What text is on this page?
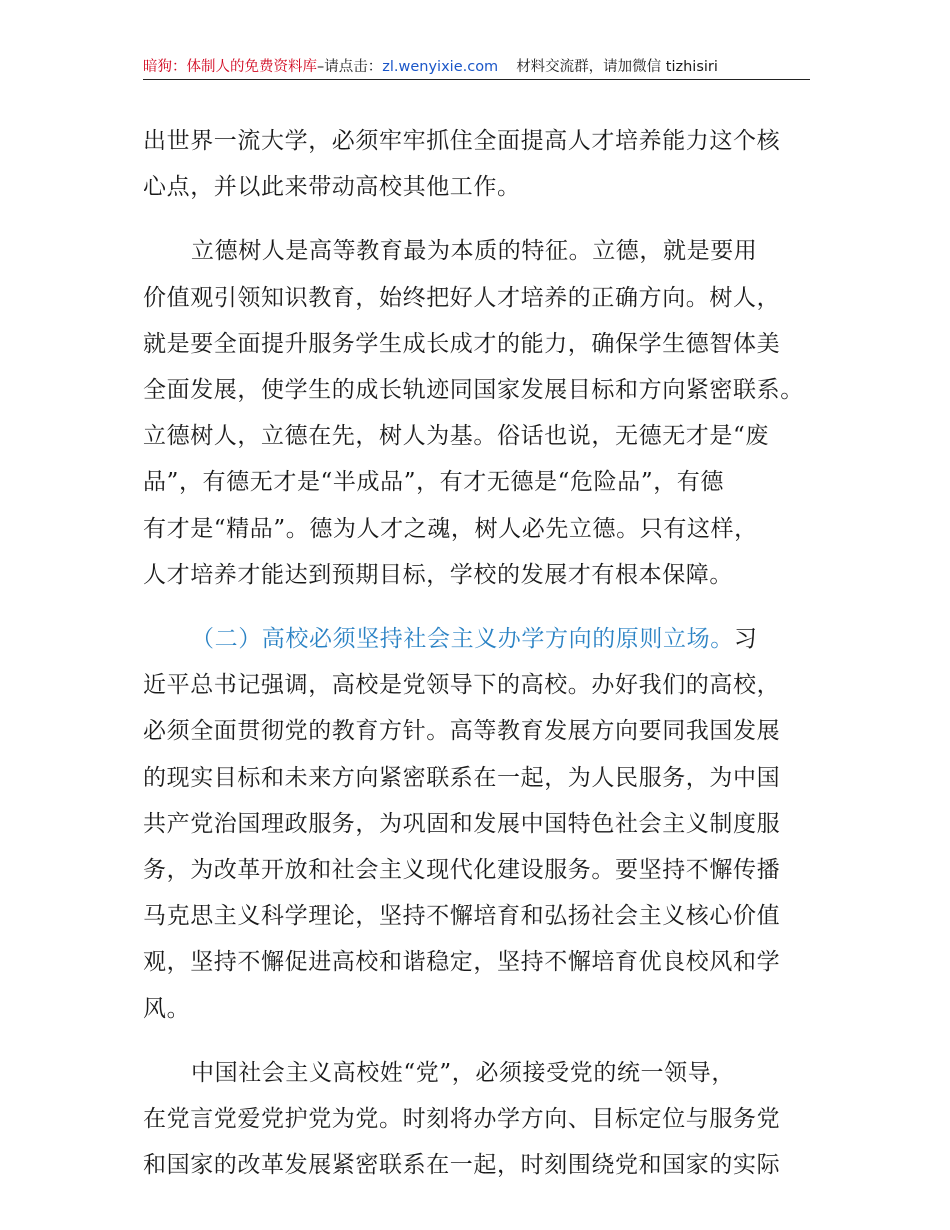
暗狗：体制人的免费资料库–请点击：zl.wenyixie.com 材料交流群，请加微信 tizhisiri
出世界一流大学，必须牢牢抓住全面提高人才培养能力这个核
心点，并以此来带动高校其他工作。
立德树人是高等教育最为本质的特征。立德，就是要用
价值观引领知识教育，始终把好人才培养的正确方向。树人，
就是要全面提升服务学生成长成才的能力，确保学生德智体美
全面发展，使学生的成长轨迹同国家发展目标和方向紧密联系。
立德树人，立德在先，树人为基。俗话也说，无德无才是“废
品”，有德无才是“半成品”，有才无德是“危险品”，有德
有才是“精品”。德为人才之魂，树人必先立德。只有这样，
人才培养才能达到预期目标，学校的发展才有根本保障。
（二）高校必须坚持社会主义办学方向的原则立场。习
近平总书记强调，高校是党领导下的高校。办好我们的高校，
必须全面贯彻党的教育方针。高等教育发展方向要同我国发展
的现实目标和未来方向紧密联系在一起，为人民服务，为中国
共产党治国理政服务，为巩固和发展中国特色社会主义制度服
务，为改革开放和社会主义现代化建设服务。要坚持不懈传播
马克思主义科学理论，坚持不懈培育和弘扬社会主义核心价值
观，坚持不懈促进高校和谐稳定，坚持不懈培育优良校风和学
风。
中国社会主义高校姓“党”，必须接受党的统一领导，
在党言党爱党护党为党。时刻将办学方向、目标定位与服务党
和国家的改革发展紧密联系在一起，时刻围绕党和国家的实际
